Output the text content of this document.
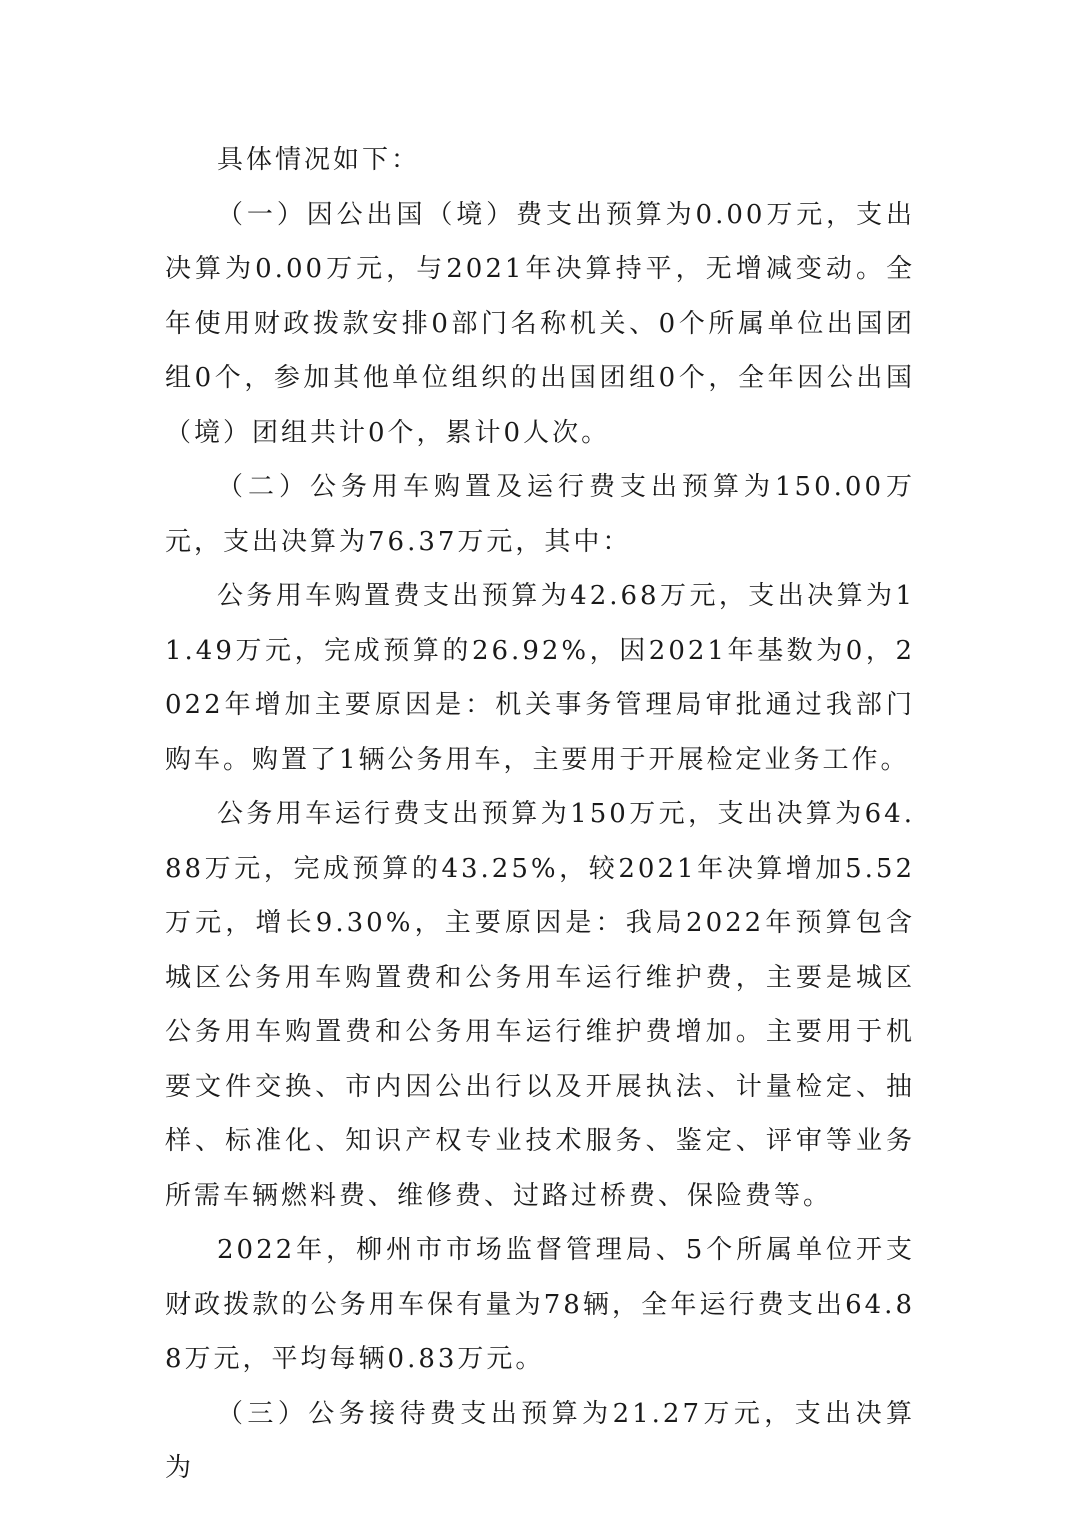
具体情况如下：

（一）因公出国（境）费支出预算为0.00万元，支出决算为0.00万元，与2021年决算持平，无增减变动。全年使用财政拨款安排0部门名称机关、0个所属单位出国团组0个，参加其他单位组织的出国团组0个，全年因公出国（境）团组共计0个，累计0人次。

（二）公务用车购置及运行费支出预算为150.00万元，支出决算为76.37万元，其中：

公务用车购置费支出预算为42.68万元，支出决算为11.49万元，完成预算的26.92%，因2021年基数为0，2022年增加主要原因是：机关事务管理局审批通过我部门购车。购置了1辆公务用车，主要用于开展检定业务工作。

公务用车运行费支出预算为150万元，支出决算为64.88万元，完成预算的43.25%，较2021年决算增加5.52万元，增长9.30%，主要原因是：我局2022年预算包含城区公务用车购置费和公务用车运行维护费，主要是城区公务用车购置费和公务用车运行维护费增加。主要用于机要文件交换、市内因公出行以及开展执法、计量检定、抽样、标准化、知识产权专业技术服务、鉴定、评审等业务所需车辆燃料费、维修费、过路过桥费、保险费等。

2022年，柳州市市场监督管理局、5个所属单位开支财政拨款的公务用车保有量为78辆，全年运行费支出64.88万元，平均每辆0.83万元。

（三）公务接待费支出预算为21.27万元，支出决算为
